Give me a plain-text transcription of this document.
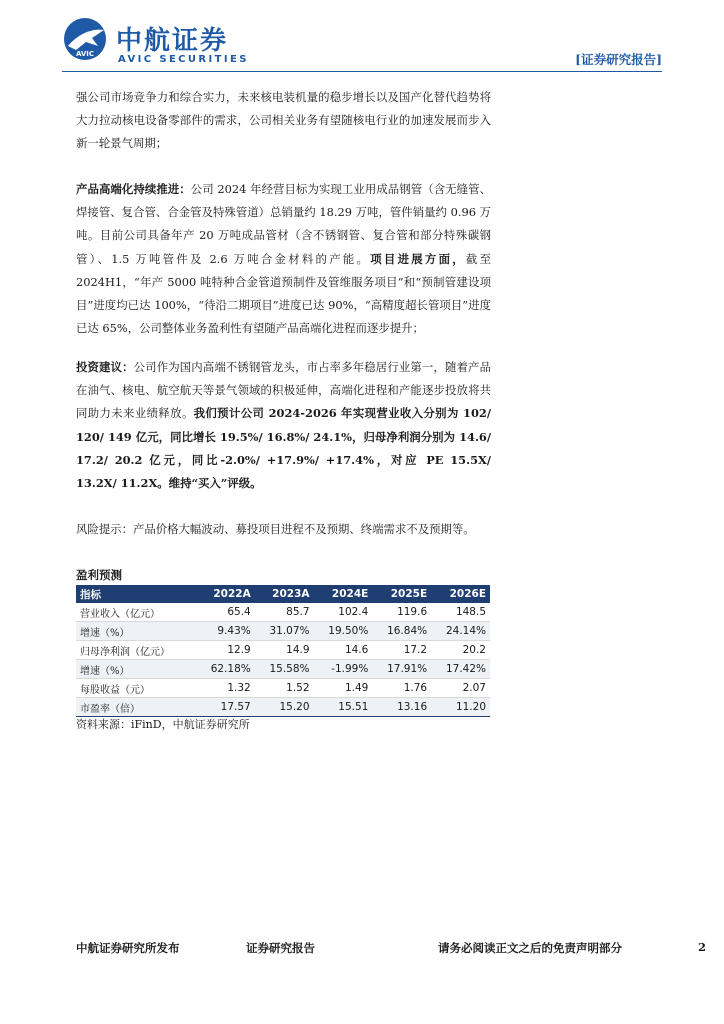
AVIC 中航证券
AVIC SECURITIES	[证券研究报告]

强公司市场竞争力和综合实力，未来核电装机量的稳步增长以及国产化替代趋势将大力拉动核电设备零部件的需求，公司相关业务有望随核电行业的加速发展而步入新一轮景气周期；

产品高端化持续推进：公司 2024 年经营目标为实现工业用成品钢管（含无缝管、焊接管、复合管、合金管及特殊管道）总销量约 18.29 万吨，管件销量约 0.96 万吨。目前公司具备年产 20 万吨成品管材（含不锈钢管、复合管和部分特殊碳钢管）、1.5 万吨管件及 2.6 万吨合金材料的产能。项目进展方面，截至 2024H1，“年产 5000 吨特种合金管道预制件及管维服务项目”和“预制管建设项目”进度均已达 100%，“待沿二期项目”进度已达 90%，“高精度超长管项目”进度已达 65%，公司整体业务盈利性有望随产品高端化进程而逐步提升；

投资建议：公司作为国内高端不锈钢管龙头，市占率多年稳居行业第一，随着产品在油气、核电、航空航天等景气领域的积极延伸，高端化进程和产能逐步投放将共同助力未来业绩释放。我们预计公司 2024-2026 年实现营业收入分别为 102/ 120/ 149 亿元，同比增长 19.5%/ 16.8%/ 24.1%，归母净利润分别为 14.6/ 17.2/ 20.2 亿元，同比-2.0%/ +17.9%/ +17.4%，对应 PE 15.5X/ 13.2X/ 11.2X。维持“买入”评级。

风险提示：产品价格大幅波动、募投项目进程不及预期、终端需求不及预期等。

盈利预测
指标	2022A	2023A	2024E	2025E	2026E
营业收入（亿元）	65.4	85.7	102.4	119.6	148.5
增速（%）	9.43%	31.07%	19.50%	16.84%	24.14%
归母净利润（亿元）	12.9	14.9	14.6	17.2	20.2
增速（%）	62.18%	15.58%	-1.99%	17.91%	17.42%
每股收益（元）	1.32	1.52	1.49	1.76	2.07
市盈率（倍）	17.57	15.20	15.51	13.16	11.20
资料来源：iFinD，中航证券研究所
中航证券研究所发布	证券研究报告	请务必阅读正文之后的免责声明部分	2
